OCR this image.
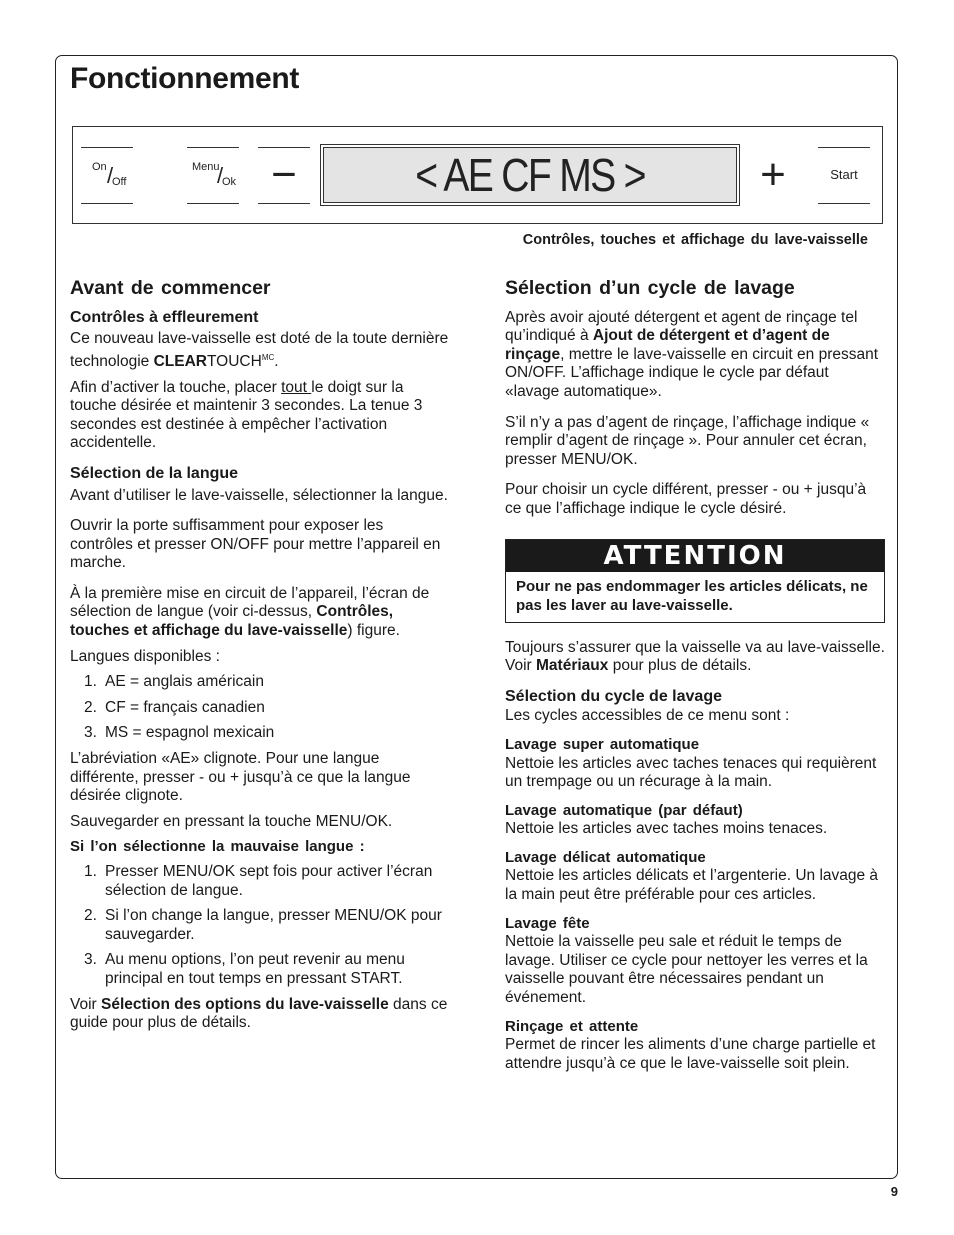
Fonctionnement
On /
Off
Menu
/
Ok −	< AE CF MS >	+	Start
Contrôles, touches et affichage du lave-vaisselle
Avant de commencer
Contrôles à effleurement

Ce nouveau lave-vaisselle est doté de la toute dernière technologie $CLEARTOUCH^{MC}$.

Afin d’activer la touche, placer tout le doigt sur la touche désirée et maintenir 3 secondes. La tenue 3 secondes est destinée à empêcher l’activation accidentelle.

Sélection de la langue

Avant d’utiliser le lave-vaisselle, sélectionner la langue.

Ouvrir la porte suffisamment pour exposer les contrôles et presser ON/OFF pour mettre l’appareil en marche.

À la première mise en circuit de l’appareil, l’écran de sélection de langue (voir ci-dessus, Contrôles, touches et affichage du lave-vaisselle) figure.

Langues disponibles :

1. AE = anglais américain
2. CF = français canadien
3. MS = espagnol mexicain

L’abréviation «AE» clignote. Pour une langue différente, presser - ou + jusqu’à ce que la langue désirée clignote.

Sauvegarder en pressant la touche MENU/OK.

Si l’on sélectionne la mauvaise langue :
1. Presser MENU/OK sept fois pour activer l’écran sélection de langue.
2. Si l’on change la langue, presser MENU/OK pour sauvegarder.
3. Au menu options, l’on peut revenir au menu principal en tout temps en pressant START.

Voir Sélection des options du lave-vaisselle dans ce guide pour plus de détails.

Sélection d’un cycle de lavage

Après avoir ajouté détergent et agent de rinçage tel qu’indiqué à Ajout de détergent et d’agent de rinçage, mettre le lave-vaisselle en circuit en pressant ON/OFF. L’affichage indique le cycle par défaut «lavage automatique».

S’il n’y a pas d’agent de rinçage, l’affichage indique « remplir d’agent de rinçage ». Pour annuler cet écran, presser MENU/OK.

Pour choisir un cycle différent, presser - ou + jusqu’à ce que l’affichage indique le cycle désiré.

ATTENTION
Pour ne pas endommager les articles délicats, ne pas les laver au lave-vaisselle.

Toujours s’assurer que la vaisselle va au lave-vaisselle. Voir Matériaux pour plus de détails.

Sélection du cycle de lavage

Les cycles accessibles de ce menu sont :

Lavage super automatique
Nettoie les articles avec taches tenaces qui requièrent un trempage ou un récurage à la main.
Lavage automatique (par défaut)
Nettoie les articles avec taches moins tenaces.
Lavage délicat automatique
Nettoie les articles délicats et l’argenterie. Un lavage à la main peut être préférable pour ces articles.
Lavage fête
Nettoie la vaisselle peu sale et réduit le temps de lavage. Utiliser ce cycle pour nettoyer les verres et la vaisselle pouvant être nécessaires pendant un événement.
Rinçage et attente
Permet de rincer les aliments d’une charge partielle et attendre jusqu’à ce que le lave-vaisselle soit plein.
9
